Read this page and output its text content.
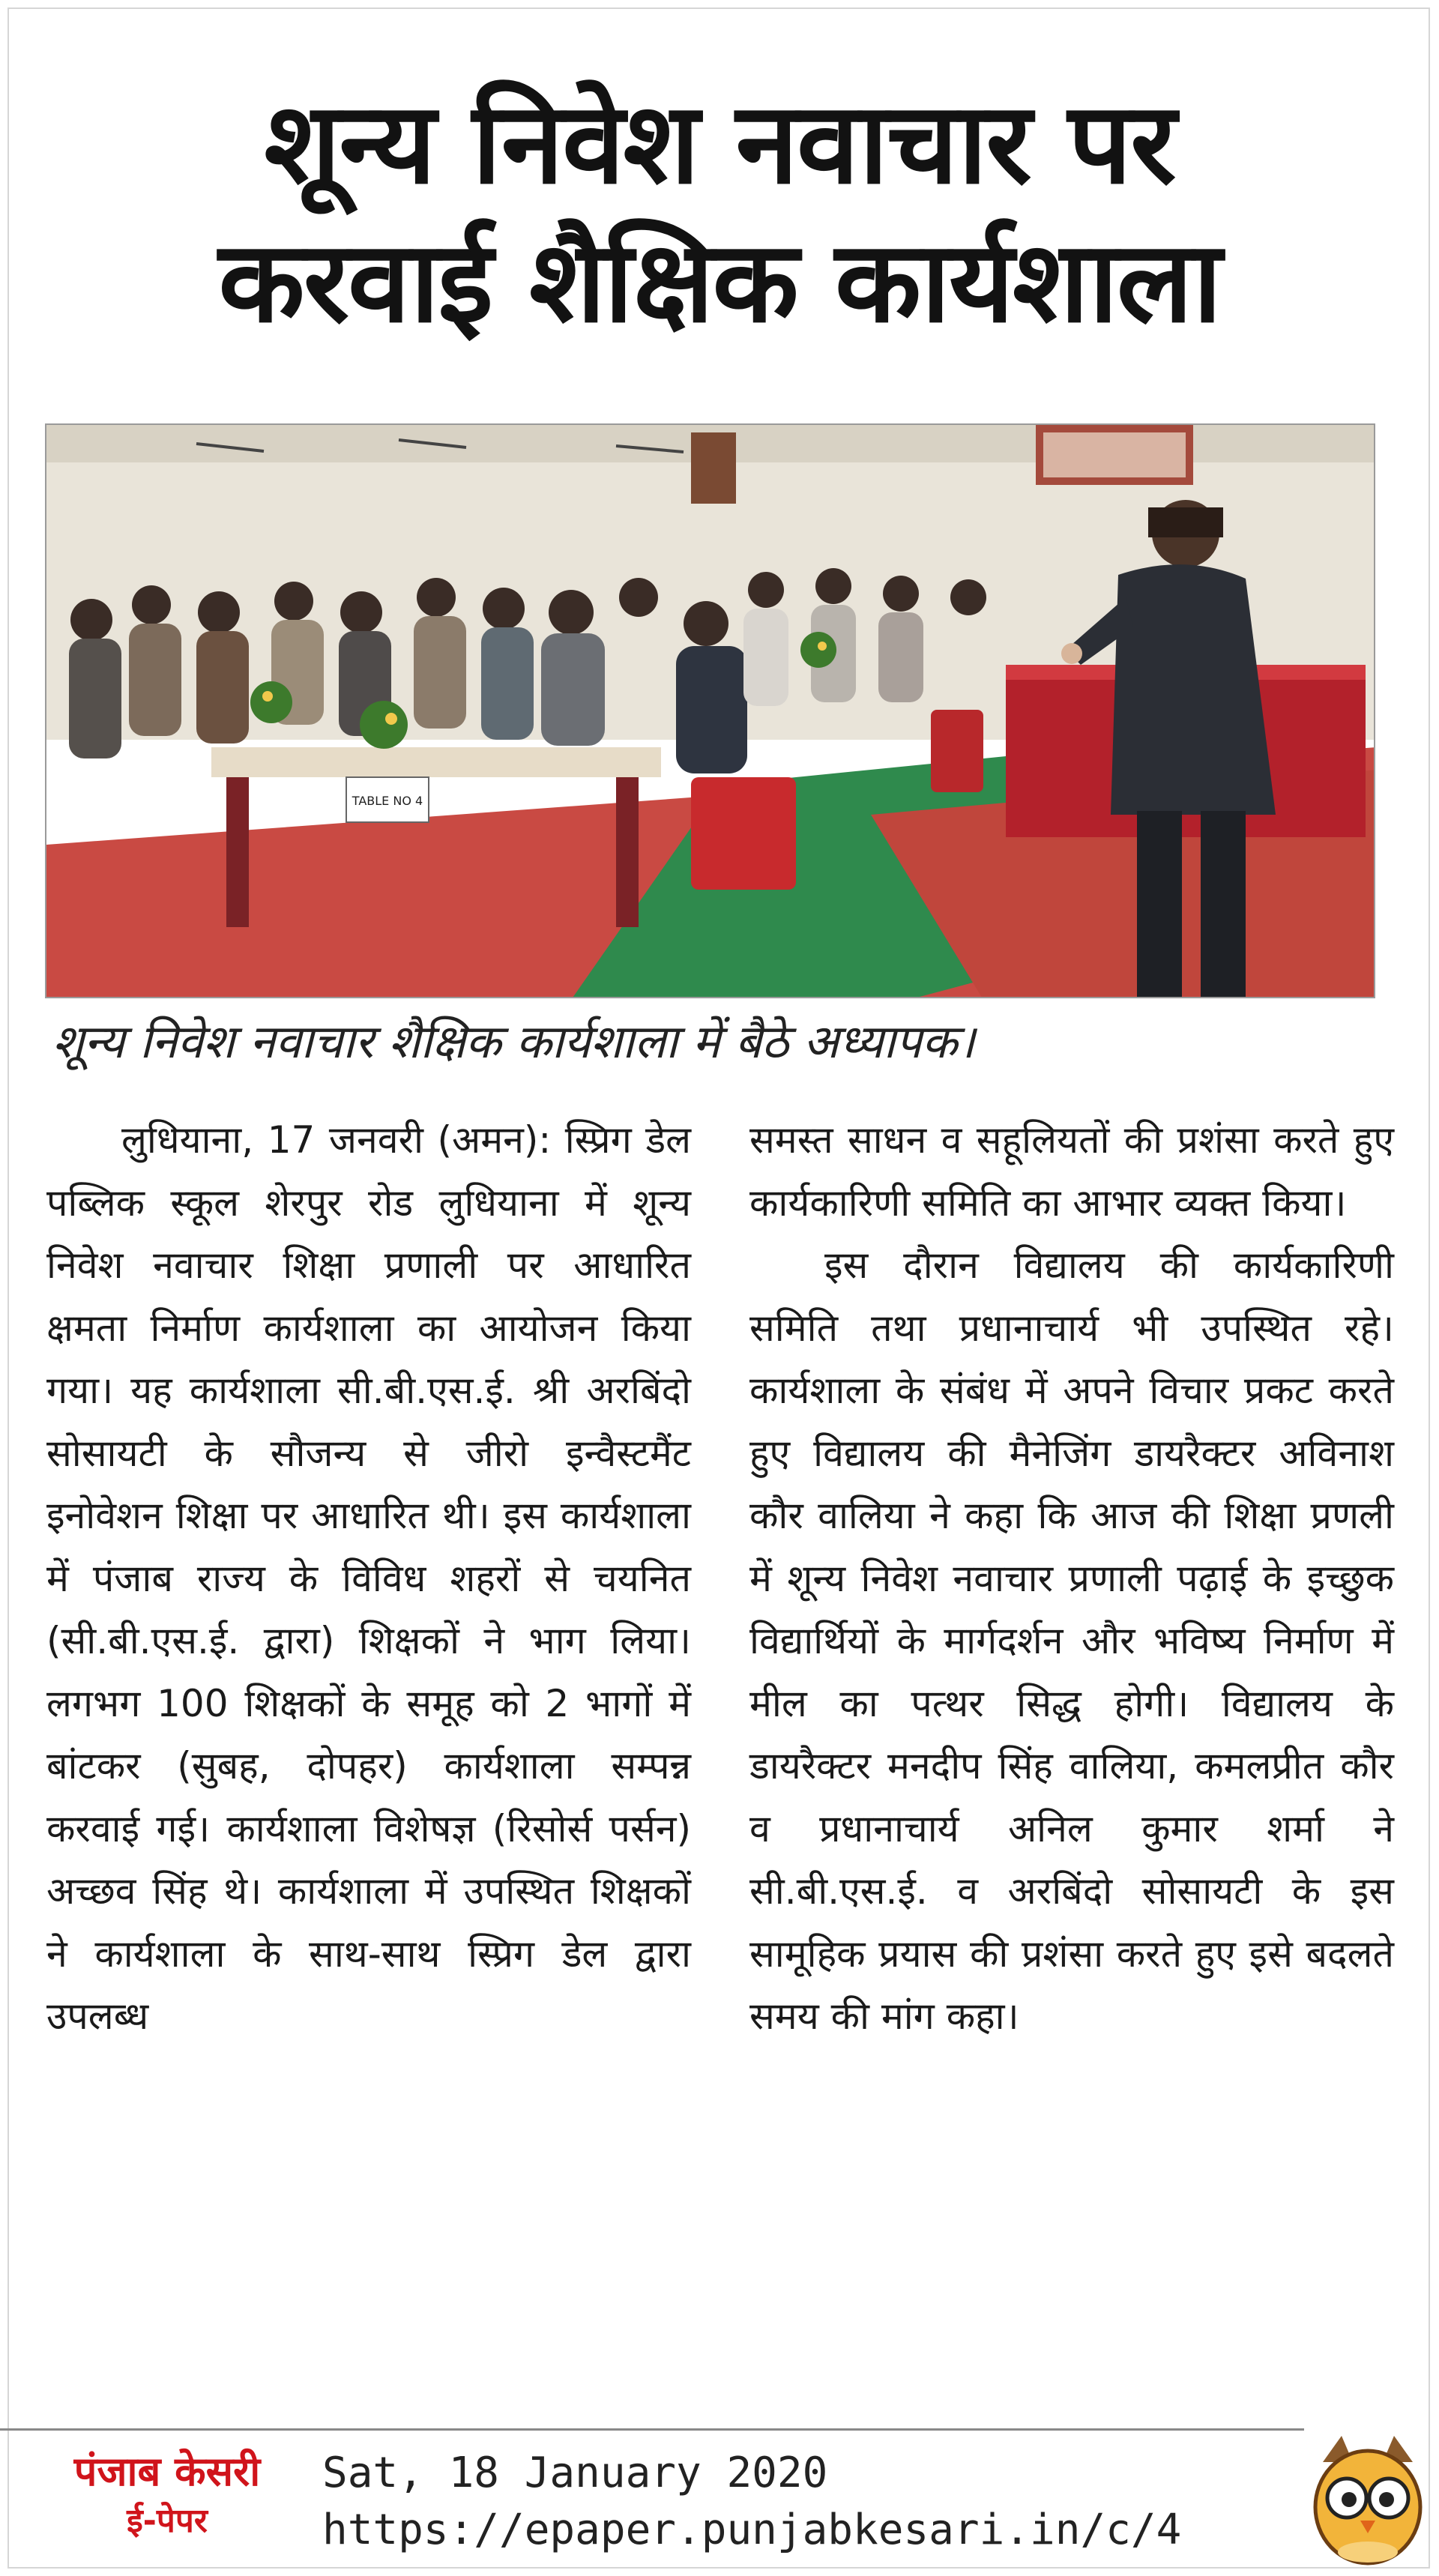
शून्य निवेश नवाचार पर
करवाई शैक्षिक कार्यशाला
TABLE NO 4
शून्य निवेश नवाचार शैक्षिक कार्यशाला में बैठे अध्यापक।

लुधियाना, 17 जनवरी (अमन): स्प्रिग डेल पब्लिक स्कूल शेरपुर रोड लुधियाना में शून्य निवेश नवाचार शिक्षा प्रणाली पर आधारित क्षमता निर्माण कार्यशाला का आयोजन किया गया। यह कार्यशाला सी.बी.एस.ई. श्री अरबिंदो सोसायटी के सौजन्य से जीरो इन्वैस्टमैंट इनोवेशन शिक्षा पर आधारित थी। इस कार्यशाला में पंजाब राज्य के विविध शहरों से चयनित (सी.बी.एस.ई. द्वारा) शिक्षकों ने भाग लिया। लगभग 100 शिक्षकों के समूह को 2 भागों में बांटकर (सुबह, दोपहर) कार्यशाला सम्पन्न करवाई गई। कार्यशाला विशेषज्ञ (रिसोर्स पर्सन) अच्छव सिंह थे। कार्यशाला में उपस्थित शिक्षकों ने कार्यशाला के साथ-साथ स्प्रिग डेल द्वारा उपलब्ध

समस्त साधन व सहूलियतों की प्रशंसा करते हुए कार्यकारिणी समिति का आभार व्यक्त किया।

इस दौरान विद्यालय की कार्यकारिणी समिति तथा प्रधानाचार्य भी उपस्थित रहे। कार्यशाला के संबंध में अपने विचार प्रकट करते हुए विद्यालय की मैनेजिंग डायरैक्टर अविनाश कौर वालिया ने कहा कि आज की शिक्षा प्रणली में शून्य निवेश नवाचार प्रणाली पढ़ाई के इच्छुक विद्यार्थियों के मार्गदर्शन और भविष्य निर्माण में मील का पत्थर सिद्ध होगी। विद्यालय के डायरैक्टर मनदीप सिंह वालिया, कमलप्रीत कौर व प्रधानाचार्य अनिल कुमार शर्मा ने सी.बी.एस.ई. व अरबिंदो सोसायटी के इस सामूहिक प्रयास की प्रशंसा करते हुए इसे बदलते समय की मांग कहा।

पंजाब केसरी
ई-पेपर
Sat, 18 January 2020
https://epaper.punjabkesari.in/c/4
